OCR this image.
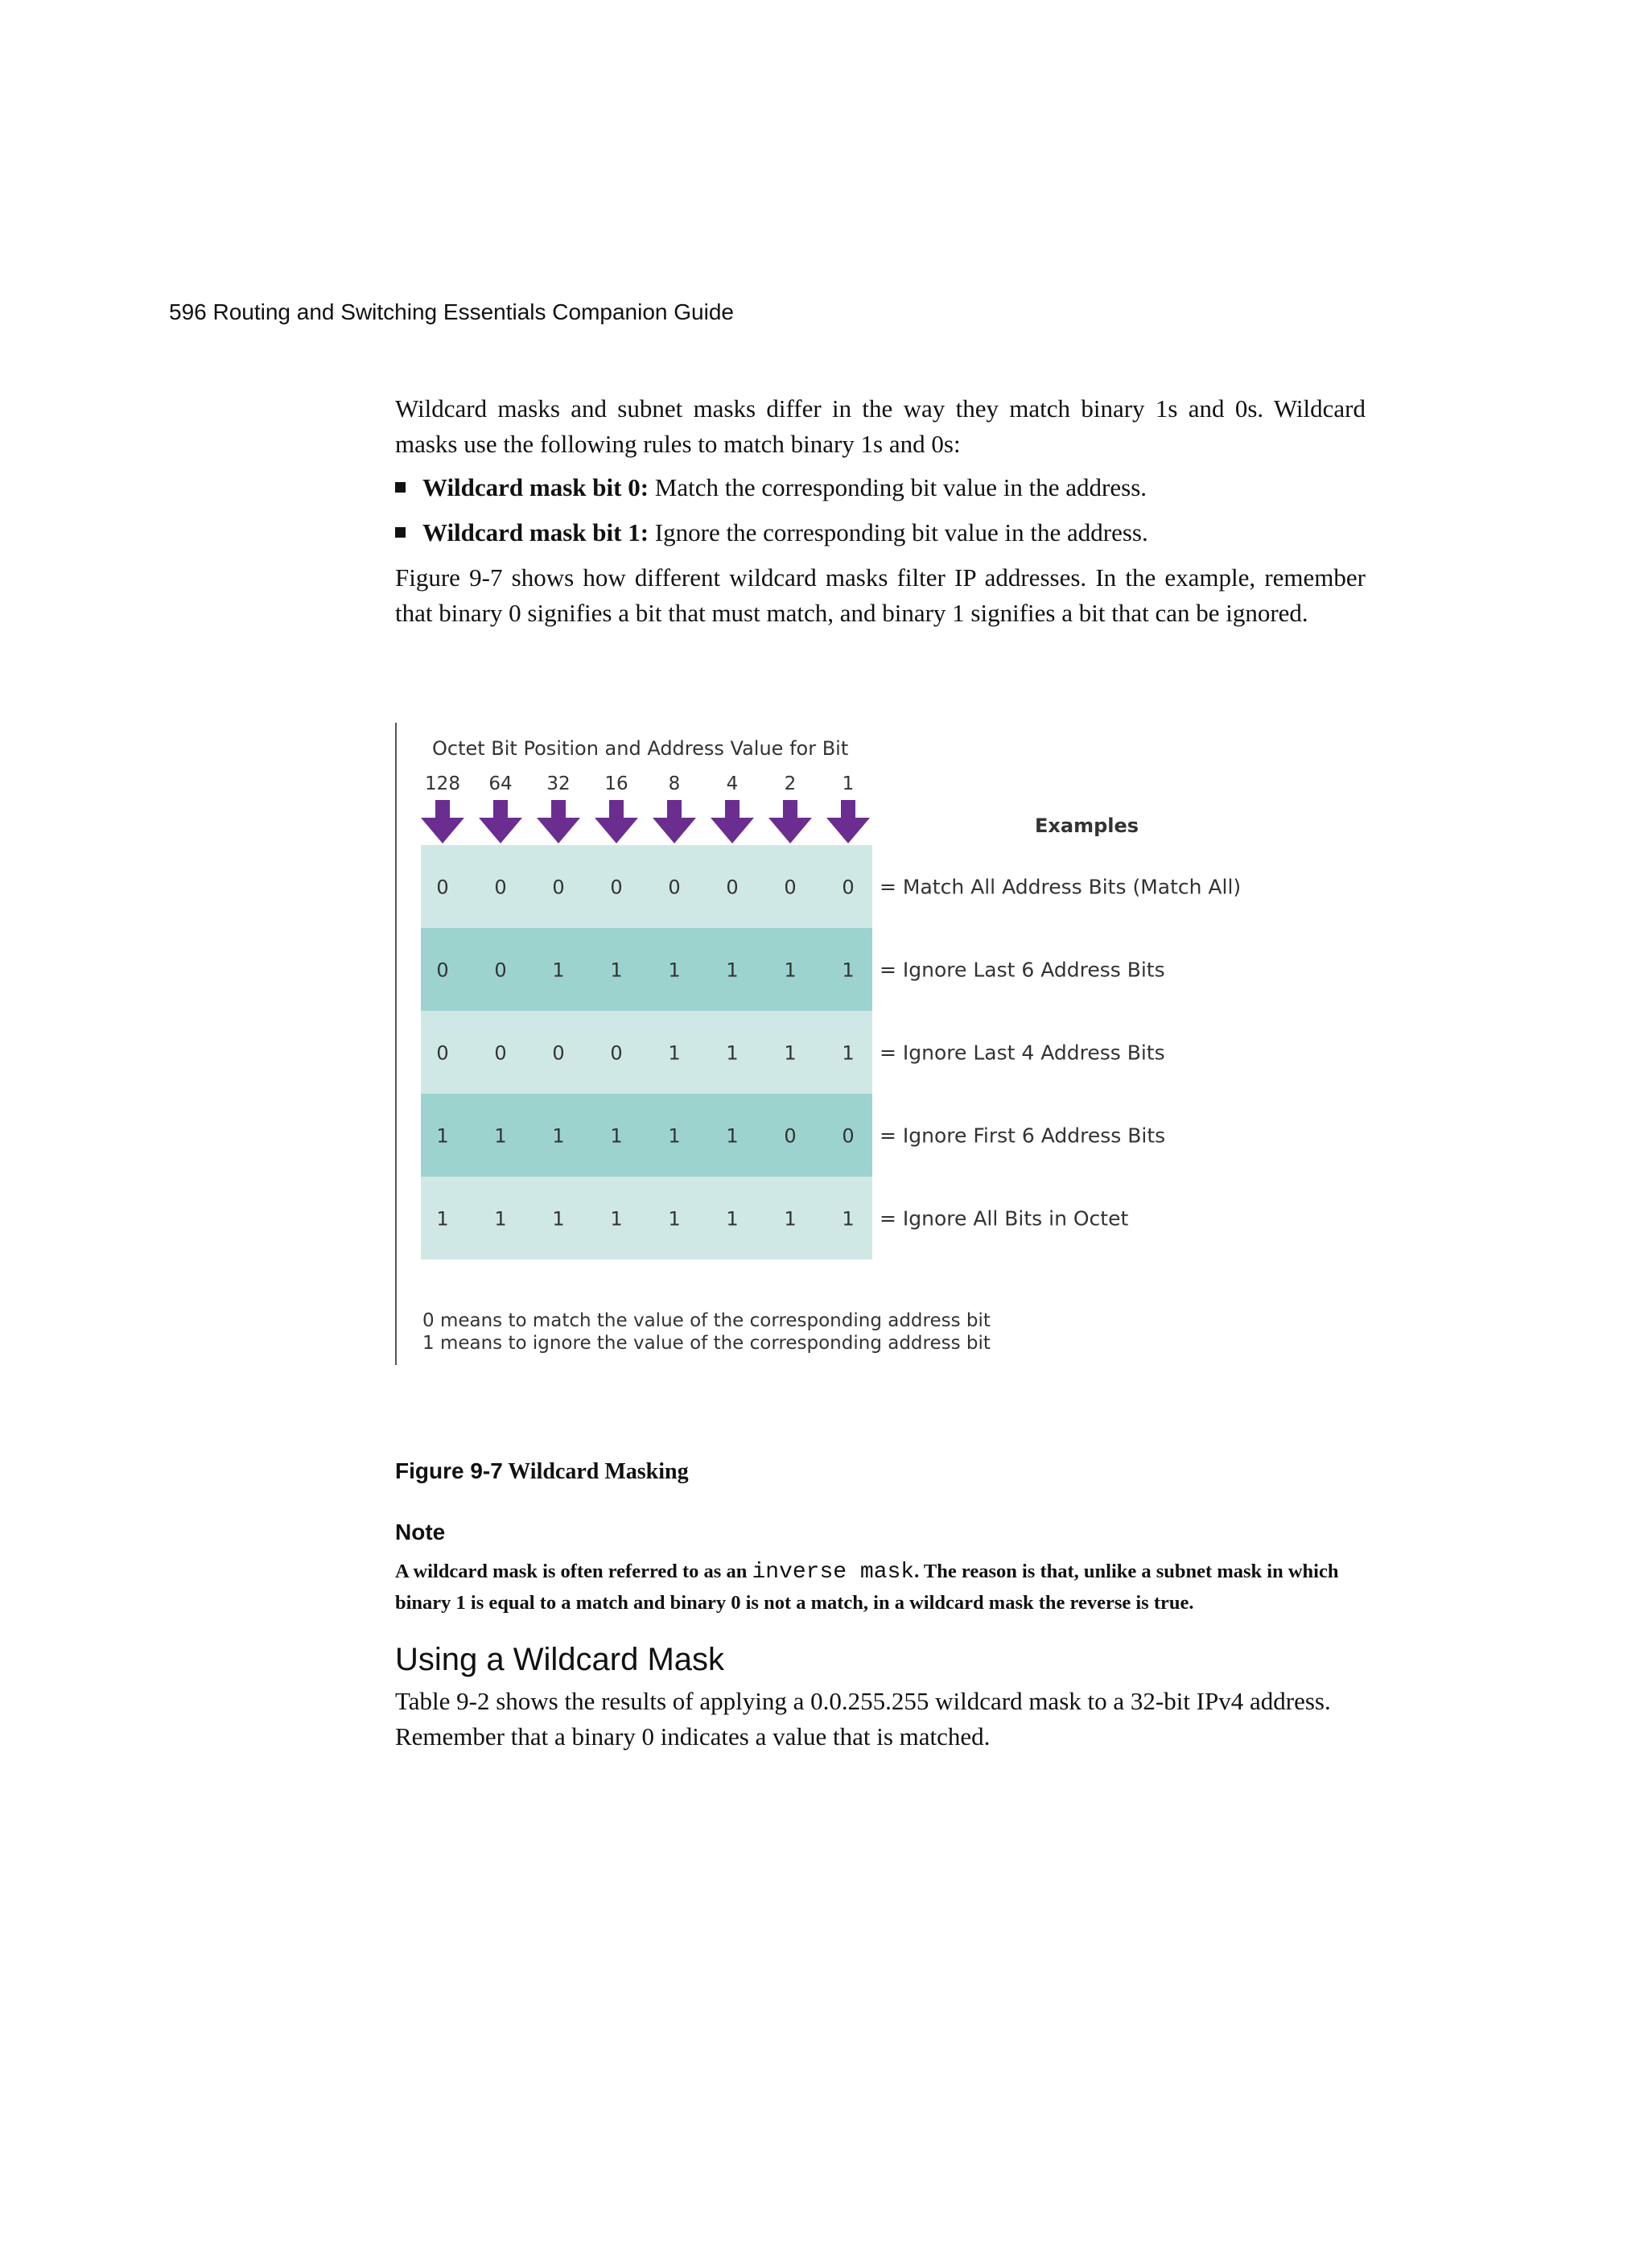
596 Routing and Switching Essentials Companion Guide

Wildcard masks and subnet masks differ in the way they match binary 1s and 0s. Wildcard masks use the following rules to match binary 1s and 0s:

Wildcard mask bit 0: Match the corresponding bit value in the address.
Wildcard mask bit 1: Ignore the corresponding bit value in the address.

Figure 9-7 shows how different wildcard masks filter IP addresses. In the example, remember that binary 0 signifies a bit that must match, and binary 1 signifies a bit that can be ignored.

Octet Bit Position and Address Value for Bit
128 64 32 16 8 4 2 1
Examples
0 0 0 0 0 0 0 0 = Match All Address Bits (Match All)
0 0 1 1 1 1 1 1 = Ignore Last 6 Address Bits
0 0 0 0 1 1 1 1 = Ignore Last 4 Address Bits
1 1 1 1 1 1 0 0 = Ignore First 6 Address Bits
1 1 1 1 1 1 1 1 = Ignore All Bits in Octet
0 means to match the value of the corresponding address bit
1 means to ignore the value of the corresponding address bit
Figure 9-7 Wildcard Masking
Note

A wildcard mask is often referred to as an inverse mask. The reason is that, unlike a subnet mask in which binary 1 is equal to a match and binary 0 is not a match, in a wildcard mask the reverse is true.

Using a Wildcard Mask

Table 9-2 shows the results of applying a 0.0.255.255 wildcard mask to a 32-bit IPv4 address. Remember that a binary 0 indicates a value that is matched.
